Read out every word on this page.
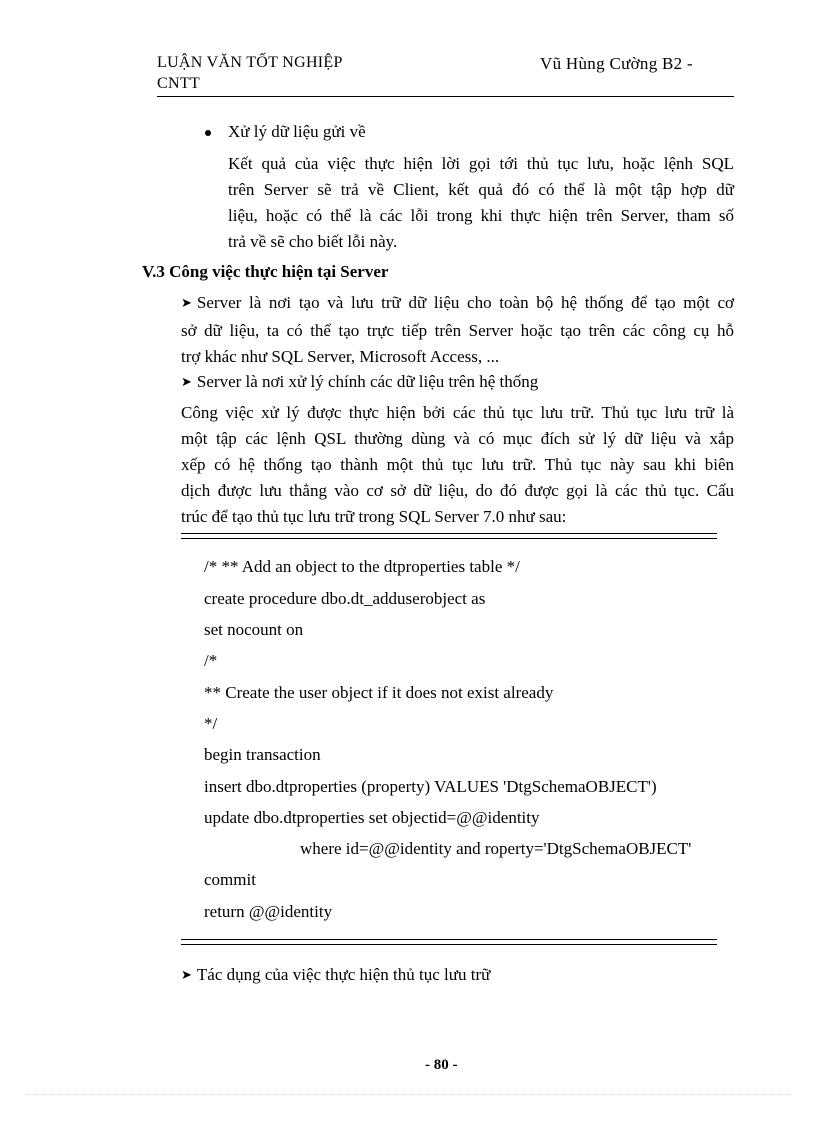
LUẬN VĂN TỐT NGHIỆP
CNTT
Vũ Hùng Cường B2 -
Xử lý dữ liệu gửi về
Kết quả của việc thực hiện lời gọi tới thủ tục lưu, hoặc lệnh SQL
trên Server sẽ trả về Client, kết quả đó có thể là một tập hợp dữ
liệu, hoặc có thể là các lỗi trong khi thực hiện trên Server, tham số
trả về sẽ cho biết lỗi này.
V.3 Công việc thực hiện tại Server
➤ Server là nơi tạo và lưu trữ dữ liệu cho toàn bộ hệ thống để tạo một cơ
sở dữ liệu, ta có thể tạo trực tiếp trên Server hoặc tạo trên các công cụ hỗ
trợ khác như SQL Server, Microsoft Access, ...
➤ Server là nơi xử lý chính các dữ liệu trên hệ thống
Công việc xử lý được thực hiện bởi các thủ tục lưu trữ. Thủ tục lưu trữ là
một tập các lệnh QSL thường dùng và có mục đích sử lý dữ liệu và xắp
xếp có hệ thống tạo thành một thủ tục lưu trữ. Thủ tục này sau khi biên
dịch được lưu thẳng vào cơ sở dữ liệu, do đó được gọi là các thủ tục. Cấu
trúc để tạo thủ tục lưu trữ trong SQL Server 7.0 như sau:
/* ** Add an object to the dtproperties table */
create procedure dbo.dt_adduserobject as
set nocount on
/*
** Create the user object if it does not exist already
*/
begin transaction
insert dbo.dtproperties (property) VALUES 'DtgSchemaOBJECT')
update dbo.dtproperties set objectid=@@identity
where id=@@identity and roperty='DtgSchemaOBJECT'
commit
return @@identity
➤ Tác dụng của việc thực hiện thủ tục lưu trữ
- 80 -
